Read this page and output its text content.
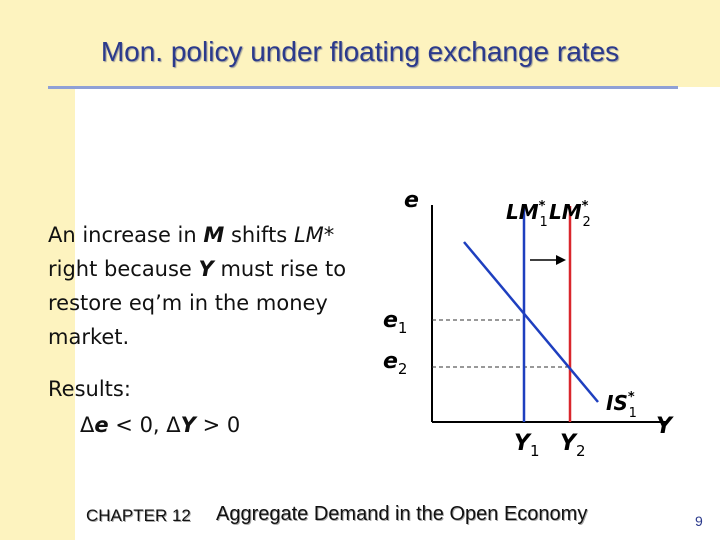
Mon. policy under floating exchange rates
An increase in M shifts LM* right because Y must rise to restore eq’m in the money market.
Results:
Δe < 0, ΔY > 0
e
Y
LM* 1 LM* 2
IS* 1
$e_1$
$e_2$
$Y_1$ $Y_2$
CHAPTER 12 Aggregate Demand in the Open Economy	9
